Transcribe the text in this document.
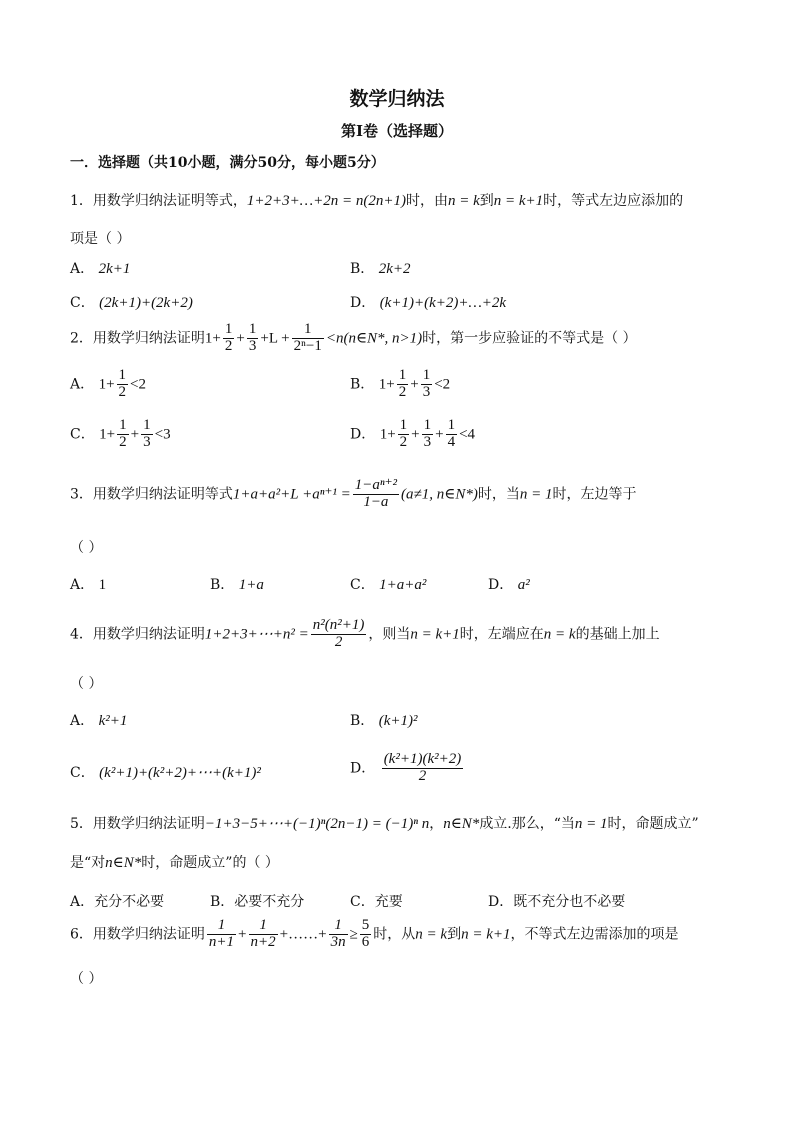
数学归纳法
第Ⅰ卷（选择题）
一．选择题（共10小题，满分50分，每小题5分）
1．用数学归纳法证明等式，1+2+3+…+2n = n(2n+1)时，由n = k到n = k+1时，等式左边应添加的
项是（ ）
A． 2k+1	B． 2k+2
C． (2k+1)+(2k+2)	D． (k+1)+(k+2)+…+2k
2．用数学归纳法证明$1+ \frac{1}{2} + \frac{1}{3} +L + \frac{1}{\text{2ⁿ−1}}$ <n(n∈N*, n>1)时，第一步应验证的不等式是（ ）
A． $1+ \frac{1}{2} <2$	B． $1+ \frac{1}{2} + \frac{1}{3} <2$
C． $1+ \frac{1}{2} + \frac{1}{3} <3$	D． $1+ \frac{1}{2} + \frac{1}{3} + \frac{1}{4} <4$
3．用数学归纳法证明等式$1+a+a^2+L +a^{n+1} = \frac{\text{1−aⁿ⁺²}}{1-a} (a\ne 1$, n∈N*)时，当n = 1时，左边等于
（ ）
A． 1	B． 1+a	C． 1+a+a²	D． a²
4．用数学归纳法证明1+2+3+⋯+n² = $\frac{\text{n²(n²+1)}}{2}$ ，则当n = k+1时，左端应在n = k的基础上加上
（ ）
A． k²+1	B． (k+1)²
C． (k²+1)+(k²+2)+⋯+(k+1)²	D． $\frac{\text{(k²+1)(k²+2)}}{2}$
5．用数学归纳法证明−1+3−5+⋯+(−1)ⁿ(2n−1) = (−1)ⁿ n，n∈N*成立.那么，“当n = 1时，命题成立”
是“对n∈N*时，命题成立”的（ ）
A．充分不必要	B．必要不充分	C．充要	D．既不充分也不必要
6．用数学归纳法证明 $\frac{1}{n+1} + \frac{1}{n+2}$ +……+ $\frac{1}{3n} \ge \frac{5}{6}$ 时，从n = k到n = k+1，不等式左边需添加的项是
（ ）
